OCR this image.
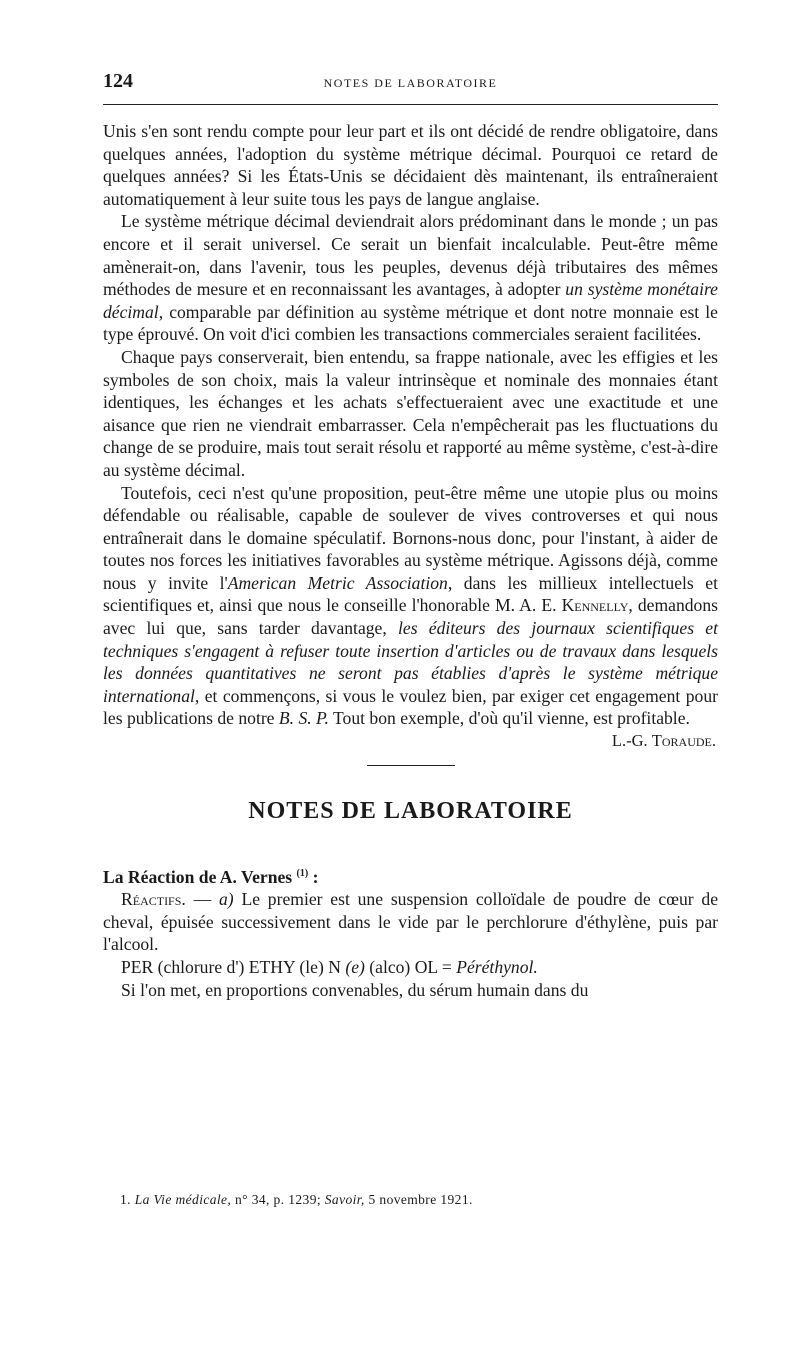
124	NOTES DE LABORATOIRE

Unis s'en sont rendu compte pour leur part et ils ont décidé de rendre obligatoire, dans quelques années, l'adoption du système métrique décimal. Pourquoi ce retard de quelques années? Si les États-Unis se décidaient dès maintenant, ils entraîneraient automatiquement à leur suite tous les pays de langue anglaise.

Le système métrique décimal deviendrait alors prédominant dans le monde ; un pas encore et il serait universel. Ce serait un bienfait incalculable. Peut-être même amènerait-on, dans l'avenir, tous les peuples, devenus déjà tributaires des mêmes méthodes de mesure et en reconnaissant les avantages, à adopter un système monétaire décimal, comparable par définition au système métrique et dont notre monnaie est le type éprouvé. On voit d'ici combien les transactions commerciales seraient facilitées.

Chaque pays conserverait, bien entendu, sa frappe nationale, avec les effigies et les symboles de son choix, mais la valeur intrinsèque et nominale des monnaies étant identiques, les échanges et les achats s'effectueraient avec une exactitude et une aisance que rien ne viendrait embarrasser. Cela n'empêcherait pas les fluctuations du change de se produire, mais tout serait résolu et rapporté au même système, c'est-à-dire au système décimal.

Toutefois, ceci n'est qu'une proposition, peut-être même une utopie plus ou moins défendable ou réalisable, capable de soulever de vives controverses et qui nous entraînerait dans le domaine spéculatif. Bornons-nous donc, pour l'instant, à aider de toutes nos forces les initiatives favorables au système métrique. Agissons déjà, comme nous y invite l'American Metric Association, dans les millieux intellectuels et scientifiques et, ainsi que nous le conseille l'honorable M. A. E. Kennelly, demandons avec lui que, sans tarder davantage, les éditeurs des journaux scientifiques et techniques s'engagent à refuser toute insertion d'articles ou de travaux dans lesquels les données quantitatives ne seront pas établies d'après le système métrique international, et commençons, si vous le voulez bien, par exiger cet engagement pour les publications de notre B. S. P. Tout bon exemple, d'où qu'il vienne, est profitable.

L.-G. Toraude.

NOTES DE LABORATOIRE

La Réaction de A. Vernes $^{(1)}$ :

Réactifs. — a) Le premier est une suspension colloïdale de poudre de cœur de cheval, épuisée successivement dans le vide par le perchlorure d'éthylène, puis par l'alcool.

PER (chlorure d') ETHY (le) N (e) (alco) OL = Péréthynol.

Si l'on met, en proportions convenables, du sérum humain dans du

1. La Vie médicale, n° 34, p. 1239; Savoir, 5 novembre 1921.
